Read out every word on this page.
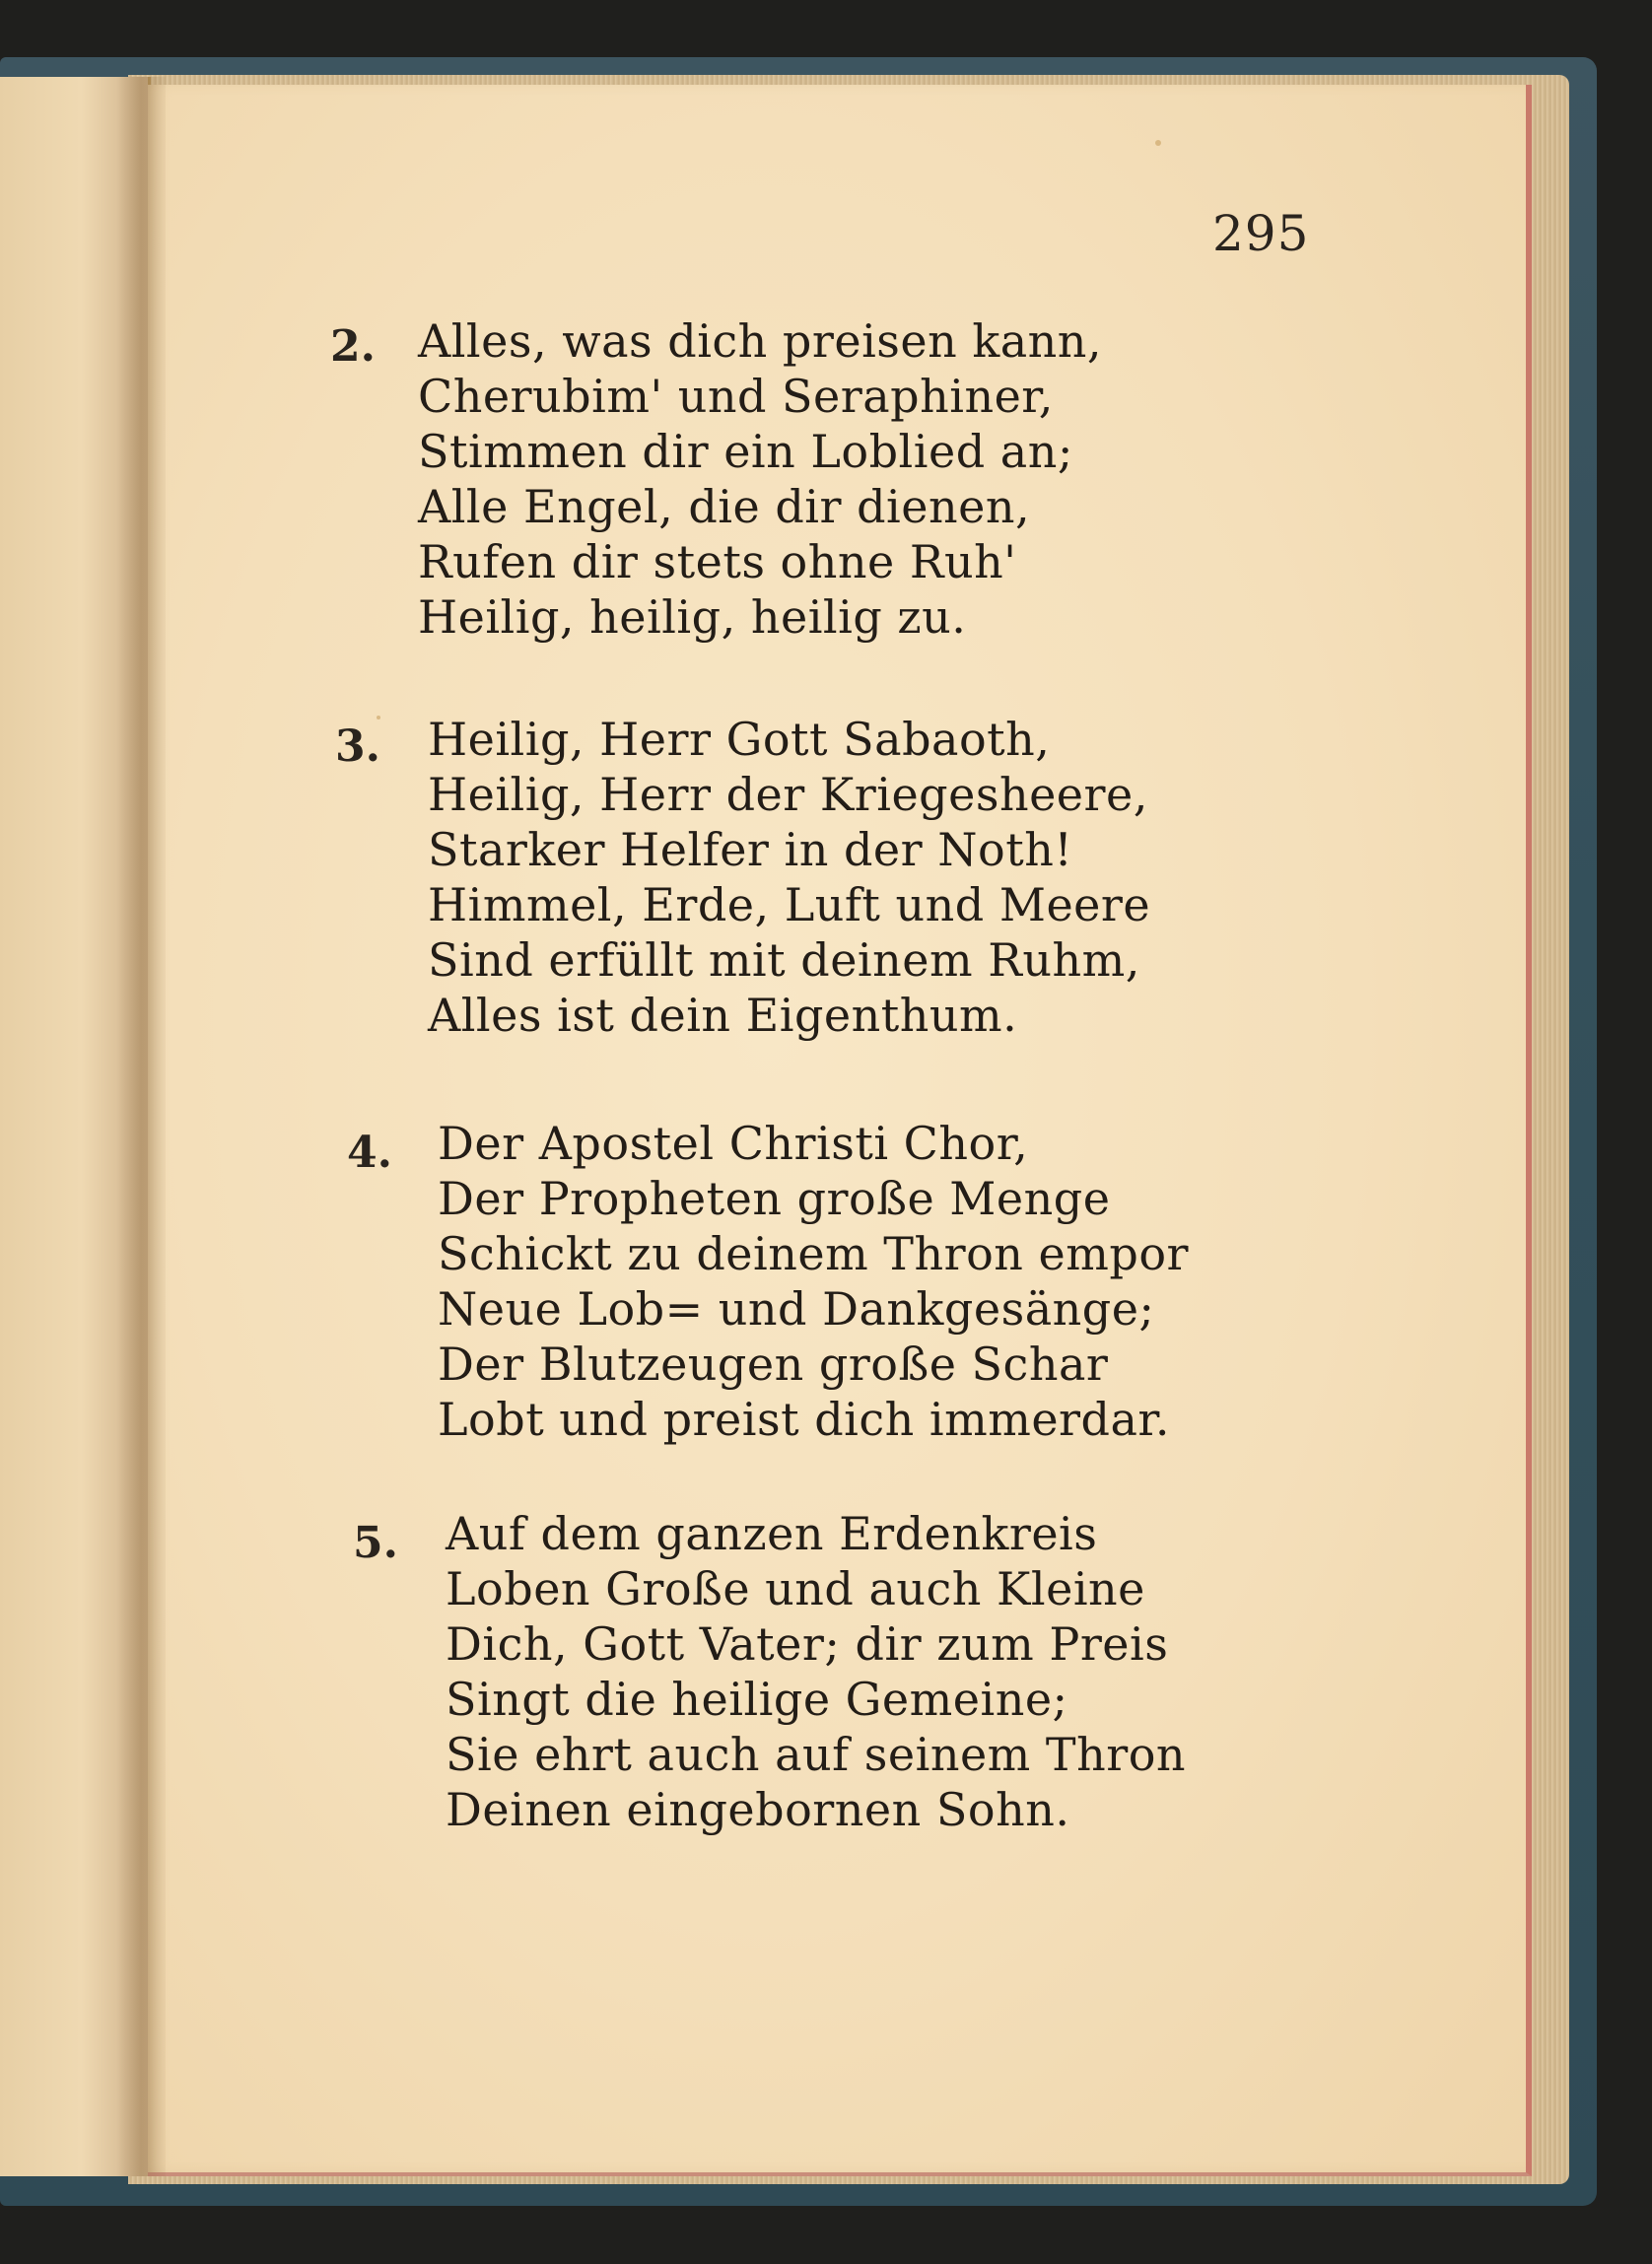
295
2. Alles, was dich preisen kann,
Cherubim' und Seraphiner,
Stimmen dir ein Loblied an;
Alle Engel, die dir dienen,
Rufen dir stets ohne Ruh'
Heilig, heilig, heilig zu.
3. Heilig, Herr Gott Sabaoth,
Heilig, Herr der Kriegesheere,
Starker Helfer in der Noth!
Himmel, Erde, Luft und Meere
Sind erfüllt mit deinem Ruhm,
Alles ist dein Eigenthum.
4. Der Apostel Christi Chor,
Der Propheten große Menge
Schickt zu deinem Thron empor
Neue Lob= und Dankgesänge;
Der Blutzeugen große Schar
Lobt und preist dich immerdar.
5. Auf dem ganzen Erdenkreis
Loben Große und auch Kleine
Dich, Gott Vater; dir zum Preis
Singt die heilige Gemeine;
Sie ehrt auch auf seinem Thron
Deinen eingebornen Sohn.
